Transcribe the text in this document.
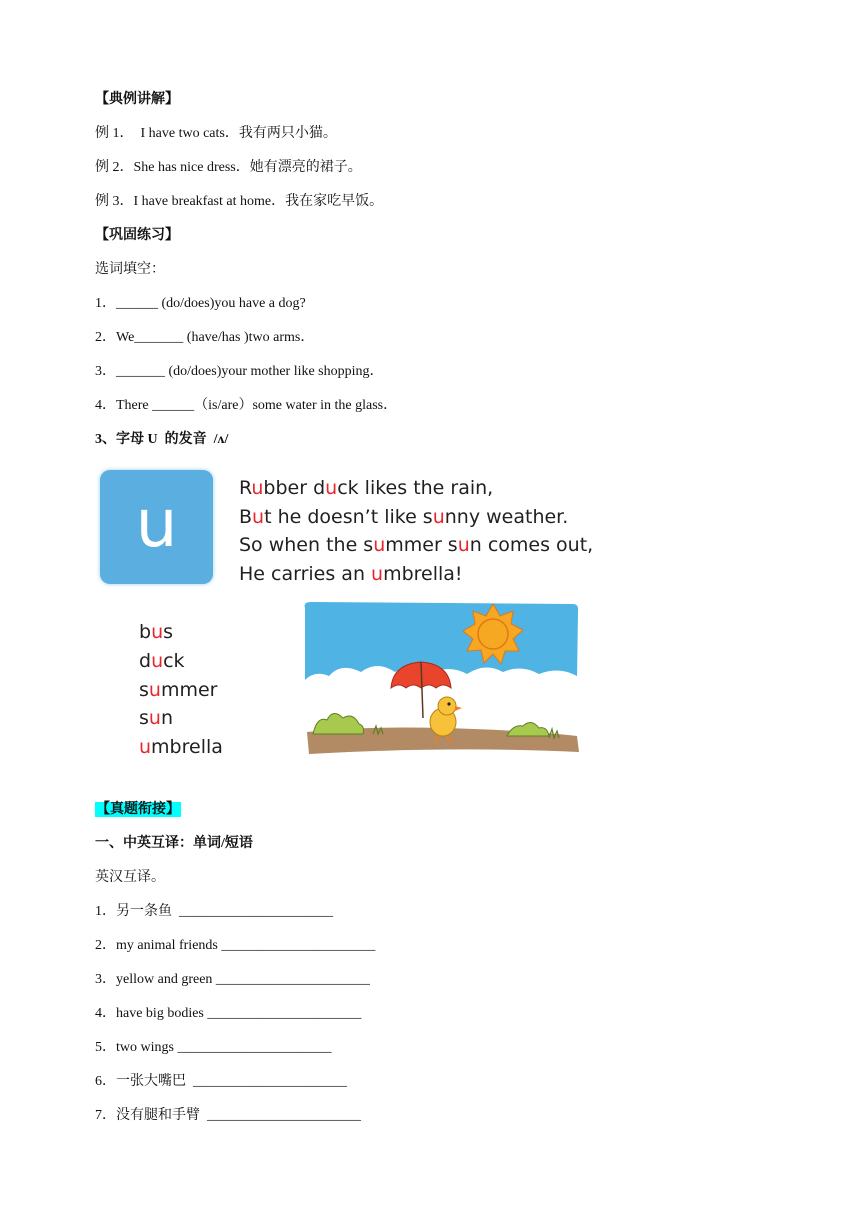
【典例讲解】
例 1．  I have two cats．我有两只小猫。
例 2．She has nice dress．她有漂亮的裙子。
例 3．I have breakfast at home．我在家吃早饭。
【巩固练习】
选词填空：
1．______ (do/does)you have a dog?
2．We_______ (have/has )two arms．
3．_______ (do/does)your mother like shopping．
4．There ______（is/are）some water in the glass．
3、字母 U  的发音  /ʌ/
u	Rubber duck likes the rain,
But he doesn’t like sunny weather.
So when the summer sun comes out,
He carries an umbrella!
bus
duck
summer
sun
umbrella
【真题衔接】
一、中英互译：单词/短语
英汉互译。
1．另一条鱼  ______________________
2．my animal friends ______________________
3．yellow and green ______________________
4．have big bodies ______________________
5．two wings ______________________
6．一张大嘴巴  ______________________
7．没有腿和手臂  ______________________
